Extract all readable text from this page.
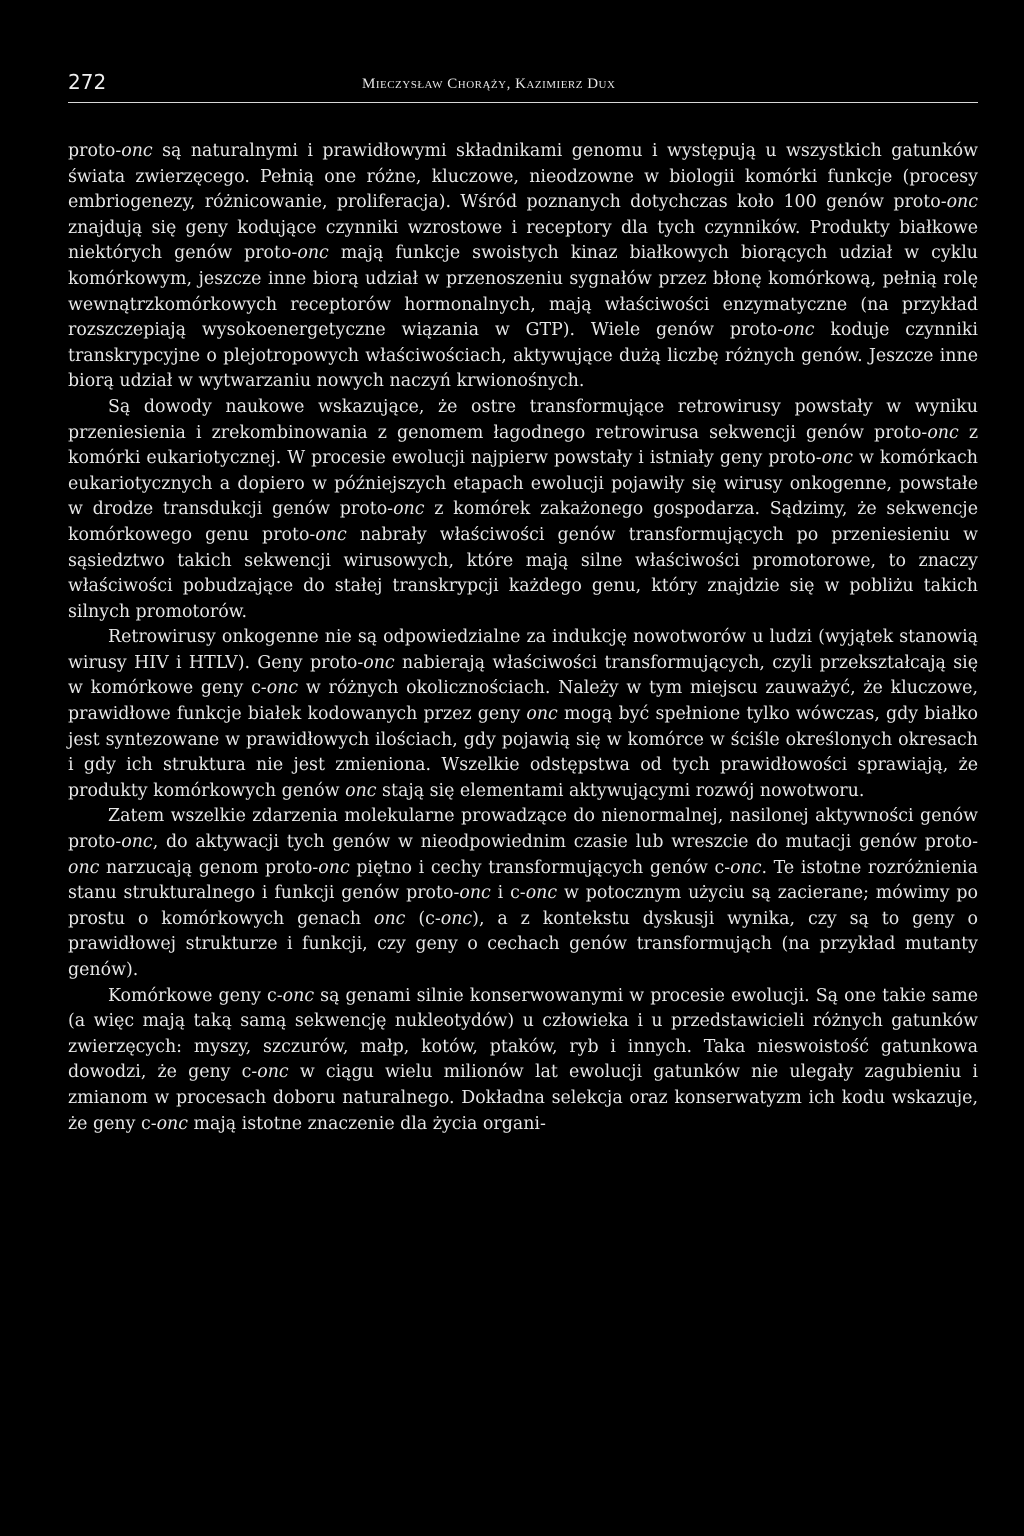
272	Mieczysław Chorąży, Kazimierz Dux

proto-onc są naturalnymi i prawidłowymi składnikami genomu i występują u wszystkich gatunków świata zwierzęcego. Pełnią one różne, kluczowe, nieodzowne w biologii komórki funkcje (procesy embriogenezy, różnicowanie, proliferacja). Wśród poznanych dotychczas koło 100 genów proto-onc znajdują się geny kodujące czynniki wzrostowe i receptory dla tych czynników. Produkty białkowe niektórych genów proto-onc mają funkcje swoistych kinaz białkowych biorących udział w cyklu komórkowym, jeszcze inne biorą udział w przenoszeniu sygnałów przez błonę komórkową, pełnią rolę wewnątrzkomórkowych receptorów hormonalnych, mają właściwości enzymatyczne (na przykład rozszczepiają wysokoenergetyczne wiązania w GTP). Wiele genów proto-onc koduje czynniki transkrypcyjne o plejotropowych właściwościach, aktywujące dużą liczbę różnych genów. Jeszcze inne biorą udział w wytwarzaniu nowych naczyń krwionośnych.

Są dowody naukowe wskazujące, że ostre transformujące retrowirusy powstały w wyniku przeniesienia i zrekombinowania z genomem łagodnego retrowirusa sekwencji genów proto-onc z komórki eukariotycznej. W procesie ewolucji najpierw powstały i istniały geny proto-onc w komórkach eukariotycznych a dopiero w późniejszych etapach ewolucji pojawiły się wirusy onkogenne, powstałe w drodze transdukcji genów proto-onc z komórek zakażonego gospodarza. Sądzimy, że sekwencje komórkowego genu proto-onc nabrały właściwości genów transformujących po przeniesieniu w sąsiedztwo takich sekwencji wirusowych, które mają silne właściwości promotorowe, to znaczy właściwości pobudzające do stałej transkrypcji każdego genu, który znajdzie się w pobliżu takich silnych promotorów.

Retrowirusy onkogenne nie są odpowiedzialne za indukcję nowotworów u ludzi (wyjątek stanowią wirusy HIV i HTLV). Geny proto-onc nabierają właściwości transformujących, czyli przekształcają się w komórkowe geny c-onc w różnych okolicznościach. Należy w tym miejscu zauważyć, że kluczowe, prawidłowe funkcje białek kodowanych przez geny onc mogą być spełnione tylko wówczas, gdy białko jest syntezowane w prawidłowych ilościach, gdy pojawią się w komórce w ściśle określonych okresach i gdy ich struktura nie jest zmieniona. Wszelkie odstępstwa od tych prawidłowości sprawiają, że produkty komórkowych genów onc stają się elementami aktywującymi rozwój nowotworu.

Zatem wszelkie zdarzenia molekularne prowadzące do nienormalnej, nasilonej aktywności genów proto-onc, do aktywacji tych genów w nieodpowiednim czasie lub wreszcie do mutacji genów proto-onc narzucają genom proto-onc piętno i cechy transformujących genów c-onc. Te istotne rozróżnienia stanu strukturalnego i funkcji genów proto-onc i c-onc w potocznym użyciu są zacierane; mówimy po prostu o komórkowych genach onc (c-onc), a z kontekstu dyskusji wynika, czy są to geny o prawidłowej strukturze i funkcji, czy geny o cechach genów transformująch (na przykład mutanty genów).

Komórkowe geny c-onc są genami silnie konserwowanymi w procesie ewolucji. Są one takie same (a więc mają taką samą sekwencję nukleotydów) u człowieka i u przedstawicieli różnych gatunków zwierzęcych: myszy, szczurów, małp, kotów, ptaków, ryb i innych. Taka nieswoistość gatunkowa dowodzi, że geny c-onc w ciągu wielu milionów lat ewolucji gatunków nie ulegały zagubieniu i zmianom w procesach doboru naturalnego. Dokładna selekcja oraz konserwatyzm ich kodu wskazuje, że geny c-onc mają istotne znaczenie dla życia organi-
